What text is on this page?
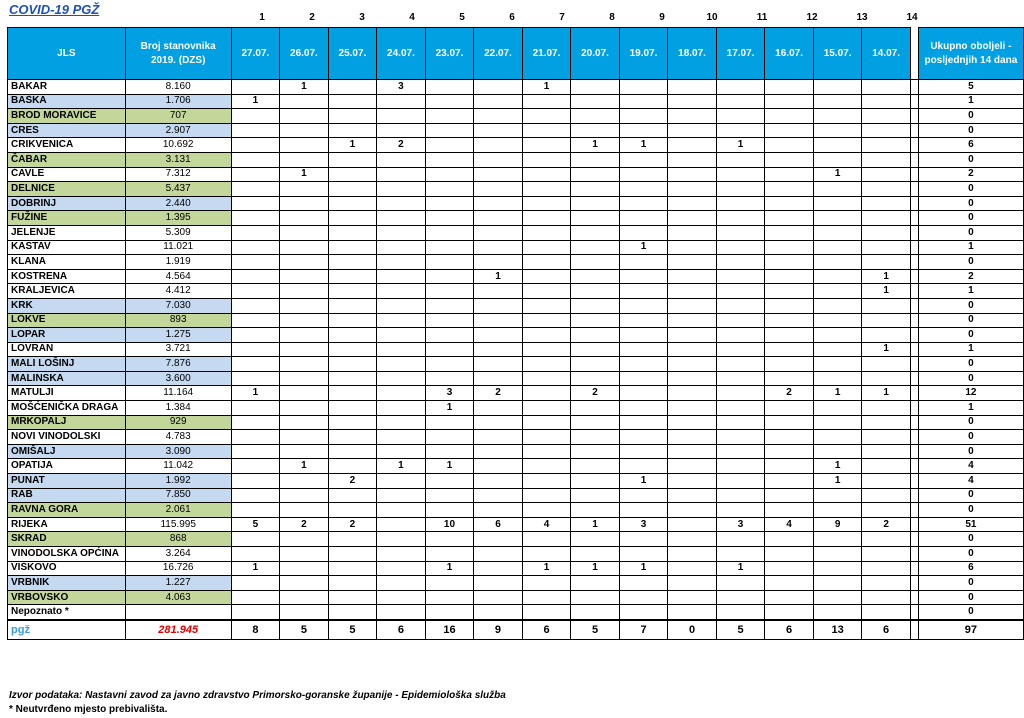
COVID-19 PGŽ
1	2	3	4	5	6	7	8	9	10	11	12	13	14
JLS	Broj stanovnika 2019. (DZS)	27.07.	26.07.	25.07.	24.07.	23.07.	22.07.	21.07.	20.07.	19.07.	18.07.	17.07.	16.07.	15.07.	14.07.		Ukupno oboljeli - posljednjih 14 dana
BAKAR	8.160		1		3			1									5
BAŠKA	1.706	1															1
BROD MORAVICE	707																0
CRES	2.907																0
CRIKVENICA	10.692			1	2				1	1		1					6
ČABAR	3.131																0
ČAVLE	7.312		1											1			2
DELNICE	5.437																0
DOBRINJ	2.440																0
FUŽINE	1.395																0
JELENJE	5.309																0
KASTAV	11.021									1							1
KLANA	1.919																0
KOSTRENA	4.564						1								1		2
KRALJEVICA	4.412														1		1
KRK	7.030																0
LOKVE	893																0
LOPAR	1.275																0
LOVRAN	3.721														1		1
MALI LOŠINJ	7.876																0
MALINSKA	3.600																0
MATULJI	11.164	1				3	2		2				2	1	1		12
MOŠĆENIČKA DRAGA	1.384					1											1
MRKOPALJ	929																0
NOVI VINODOLSKI	4.783																0
OMIŠALJ	3.090																0
OPATIJA	11.042		1		1	1								1			4
PUNAT	1.992			2						1				1			4
RAB	7.850																0
RAVNA GORA	2.061																0
RIJEKA	115.995	5	2	2		10	6	4	1	3		3	4	9	2		51
SKRAD	868																0
VINODOLSKA OPĆINA	3.264																0
VIŠKOVO	16.726	1				1		1	1	1		1					6
VRBNIK	1.227																0
VRBOVSKO	4.063																0
Nepoznato *																	0
pgž	281.945	8	5	5	6	16	9	6	5	7	0	5	6	13	6		97
Izvor podataka: Nastavni zavod za javno zdravstvo Primorsko-goranske županije - Epidemiološka služba
* Neutvrđeno mjesto prebivališta.
